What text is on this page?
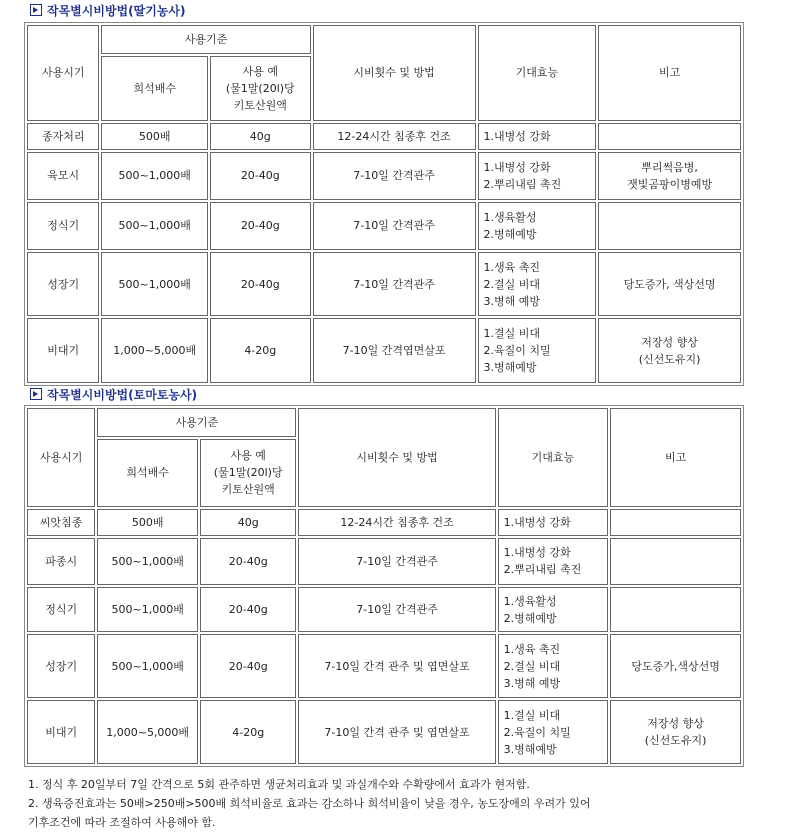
작목별시비방법(딸기농사)
사용시기	사용기준		시비횟수 및 방법	기대효능	비고
	희석배수	사용 예
(물1말(20l)당
키토산원액			

종자처리	500배	40g	12-24시간 침종후 건조	1.내병성 강화	

육모시	500~1,000배	20-40g	7-10일 간격관주	1.내병성 강화
2.뿌리내림 촉진	뿌리썩음병,
잿빛곰팡이병예방

정식기	500~1,000배	20-40g	7-10일 간격관주	1.생육활성
2.병해예방	

성장기	500~1,000배	20-40g	7-10일 간격관주	1.생육 촉진
2.결실 비대
3.병해 예방	당도증가, 색상선명

비대기	1,000~5,000배	4-20g	7-10일 간격엽면살포	1.결실 비대
2.육질이 치밀
3.병해예방	저장성 향상
(신선도유지)
작목별시비방법(토마토농사)
사용시기	사용기준		시비횟수 및 방법	기대효능	비고
	희석배수	사용 예
(물1말(20l)당
키토산원액			

씨앗침종	500배	40g	12-24시간 침종후 건조	1.내병성 강화	

파종시	500~1,000배	20-40g	7-10일 간격관주	1.내병성 강화
2.뿌리내림 촉진	

정식기	500~1,000배	20-40g	7-10일 간격관주	1.생육활성
2.병해예방	

성장기	500~1,000배	20-40g	7-10일 간격 관주 및 엽면살포	1.생육 촉진
2.결실 비대
3.병해 예방	당도증가,색상선명

비대기	1,000~5,000배	4-20g	7-10일 간격 관주 및 엽면살포	1.결실 비대
2.육질이 치밀
3.병해예방	저장성 향상
(신선도유지)
1. 정식 후 20일부터 7일 간격으로 5회 관주하면 생균처리효과 및 과실개수와 수확량에서 효과가 현저함.
2. 생육증진효과는 50배>250배>500배 희석비율로 효과는 감소하나 희석비율이 낮을 경우, 농도장애의 우려가 있어
기후조건에 따라 조절하여 사용해야 함.
